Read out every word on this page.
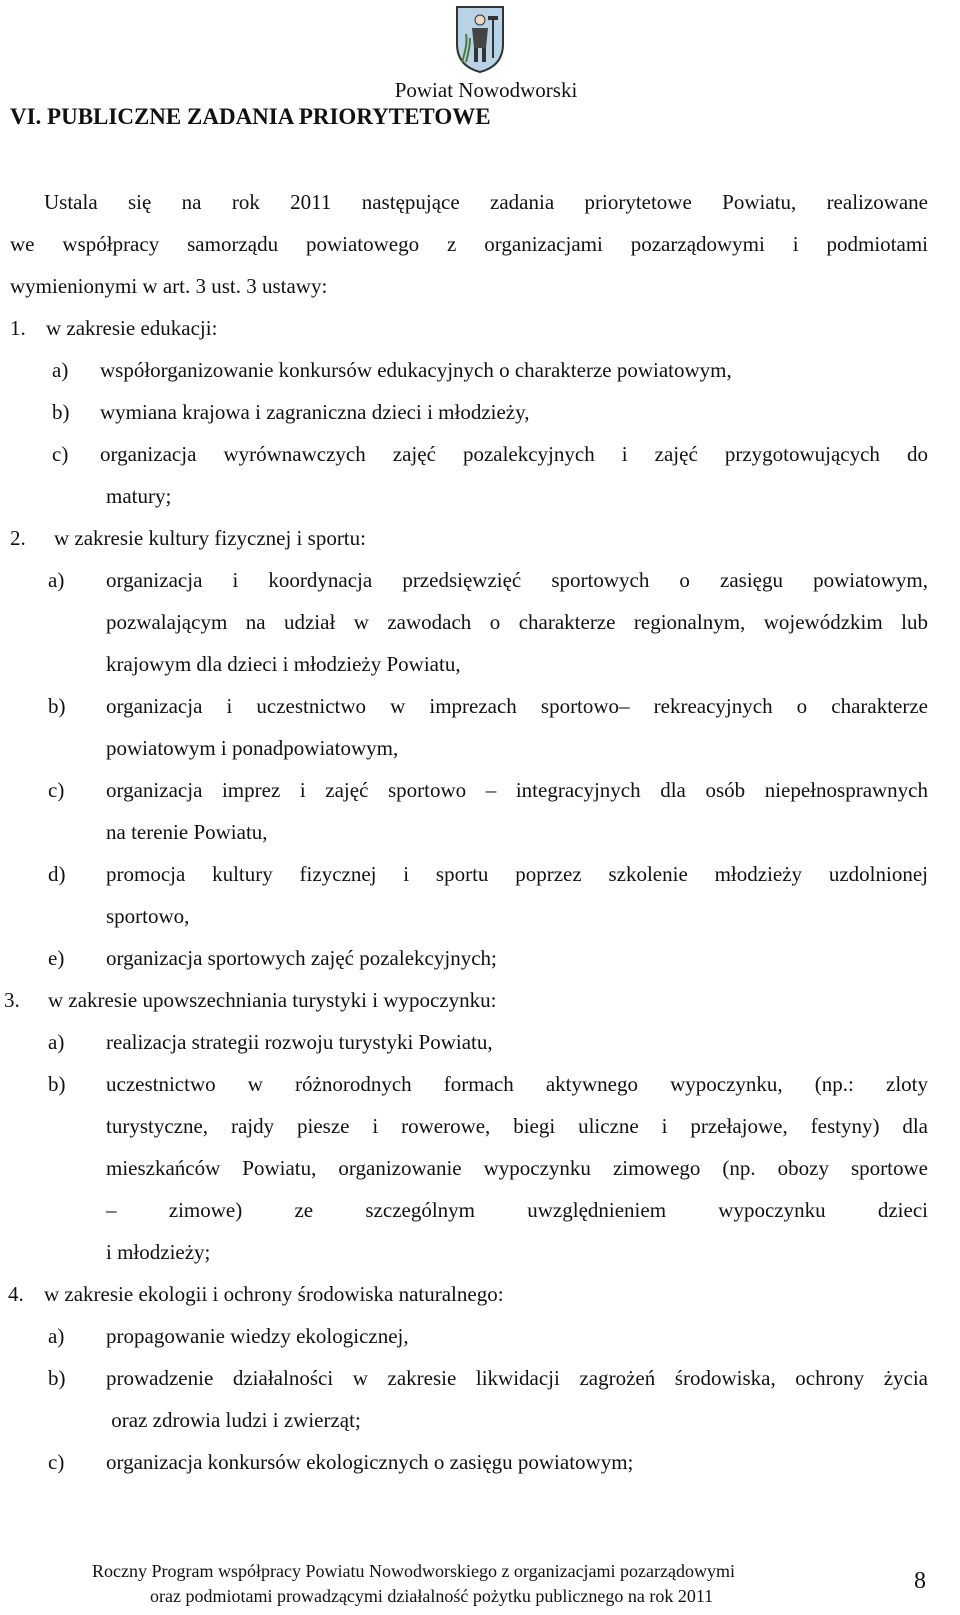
Powiat Nowodworski
VI. PUBLICZNE ZADANIA PRIORYTETOWE
Ustala się na rok 2011 następujące zadania priorytetowe Powiatu, realizowane
we współpracy samorządu powiatowego z organizacjami pozarządowymi i podmiotami
wymienionymi w art. 3 ust. 3 ustawy:
1. w zakresie edukacji:
a) współorganizowanie konkursów edukacyjnych o charakterze powiatowym,
b) wymiana krajowa i zagraniczna dzieci i młodzieży,
c) organizacja wyrównawczych zajęć pozalekcyjnych i zajęć przygotowujących do
matury;
2. w zakresie kultury fizycznej i sportu:
a) organizacja i koordynacja przedsięwzięć sportowych o zasięgu powiatowym,
pozwalającym na udział w zawodach o charakterze regionalnym, wojewódzkim lub
krajowym dla dzieci i młodzieży Powiatu,
b) organizacja i uczestnictwo w imprezach sportowo– rekreacyjnych o charakterze
powiatowym i ponadpowiatowym,
c) organizacja imprez i zajęć sportowo – integracyjnych dla osób niepełnosprawnych
na terenie Powiatu,
d) promocja kultury fizycznej i sportu poprzez szkolenie młodzieży uzdolnionej
sportowo,
e) organizacja sportowych zajęć pozalekcyjnych;
3. w zakresie upowszechniania turystyki i wypoczynku:
a) realizacja strategii rozwoju turystyki Powiatu,
b) uczestnictwo w różnorodnych formach aktywnego wypoczynku, (np.: zloty
turystyczne, rajdy piesze i rowerowe, biegi uliczne i przełajowe, festyny) dla
mieszkańców Powiatu, organizowanie wypoczynku zimowego (np. obozy sportowe
– zimowe) ze szczególnym uwzględnieniem wypoczynku dzieci
i młodzieży;
4. w zakresie ekologii i ochrony środowiska naturalnego:
a) propagowanie wiedzy ekologicznej,
b) prowadzenie działalności w zakresie likwidacji zagrożeń środowiska, ochrony życia
oraz zdrowia ludzi i zwierząt;
c) organizacja konkursów ekologicznych o zasięgu powiatowym;
Roczny Program współpracy Powiatu Nowodworskiego z organizacjami pozarządowymi
oraz podmiotami prowadzącymi działalność pożytku publicznego na rok 2011
8
